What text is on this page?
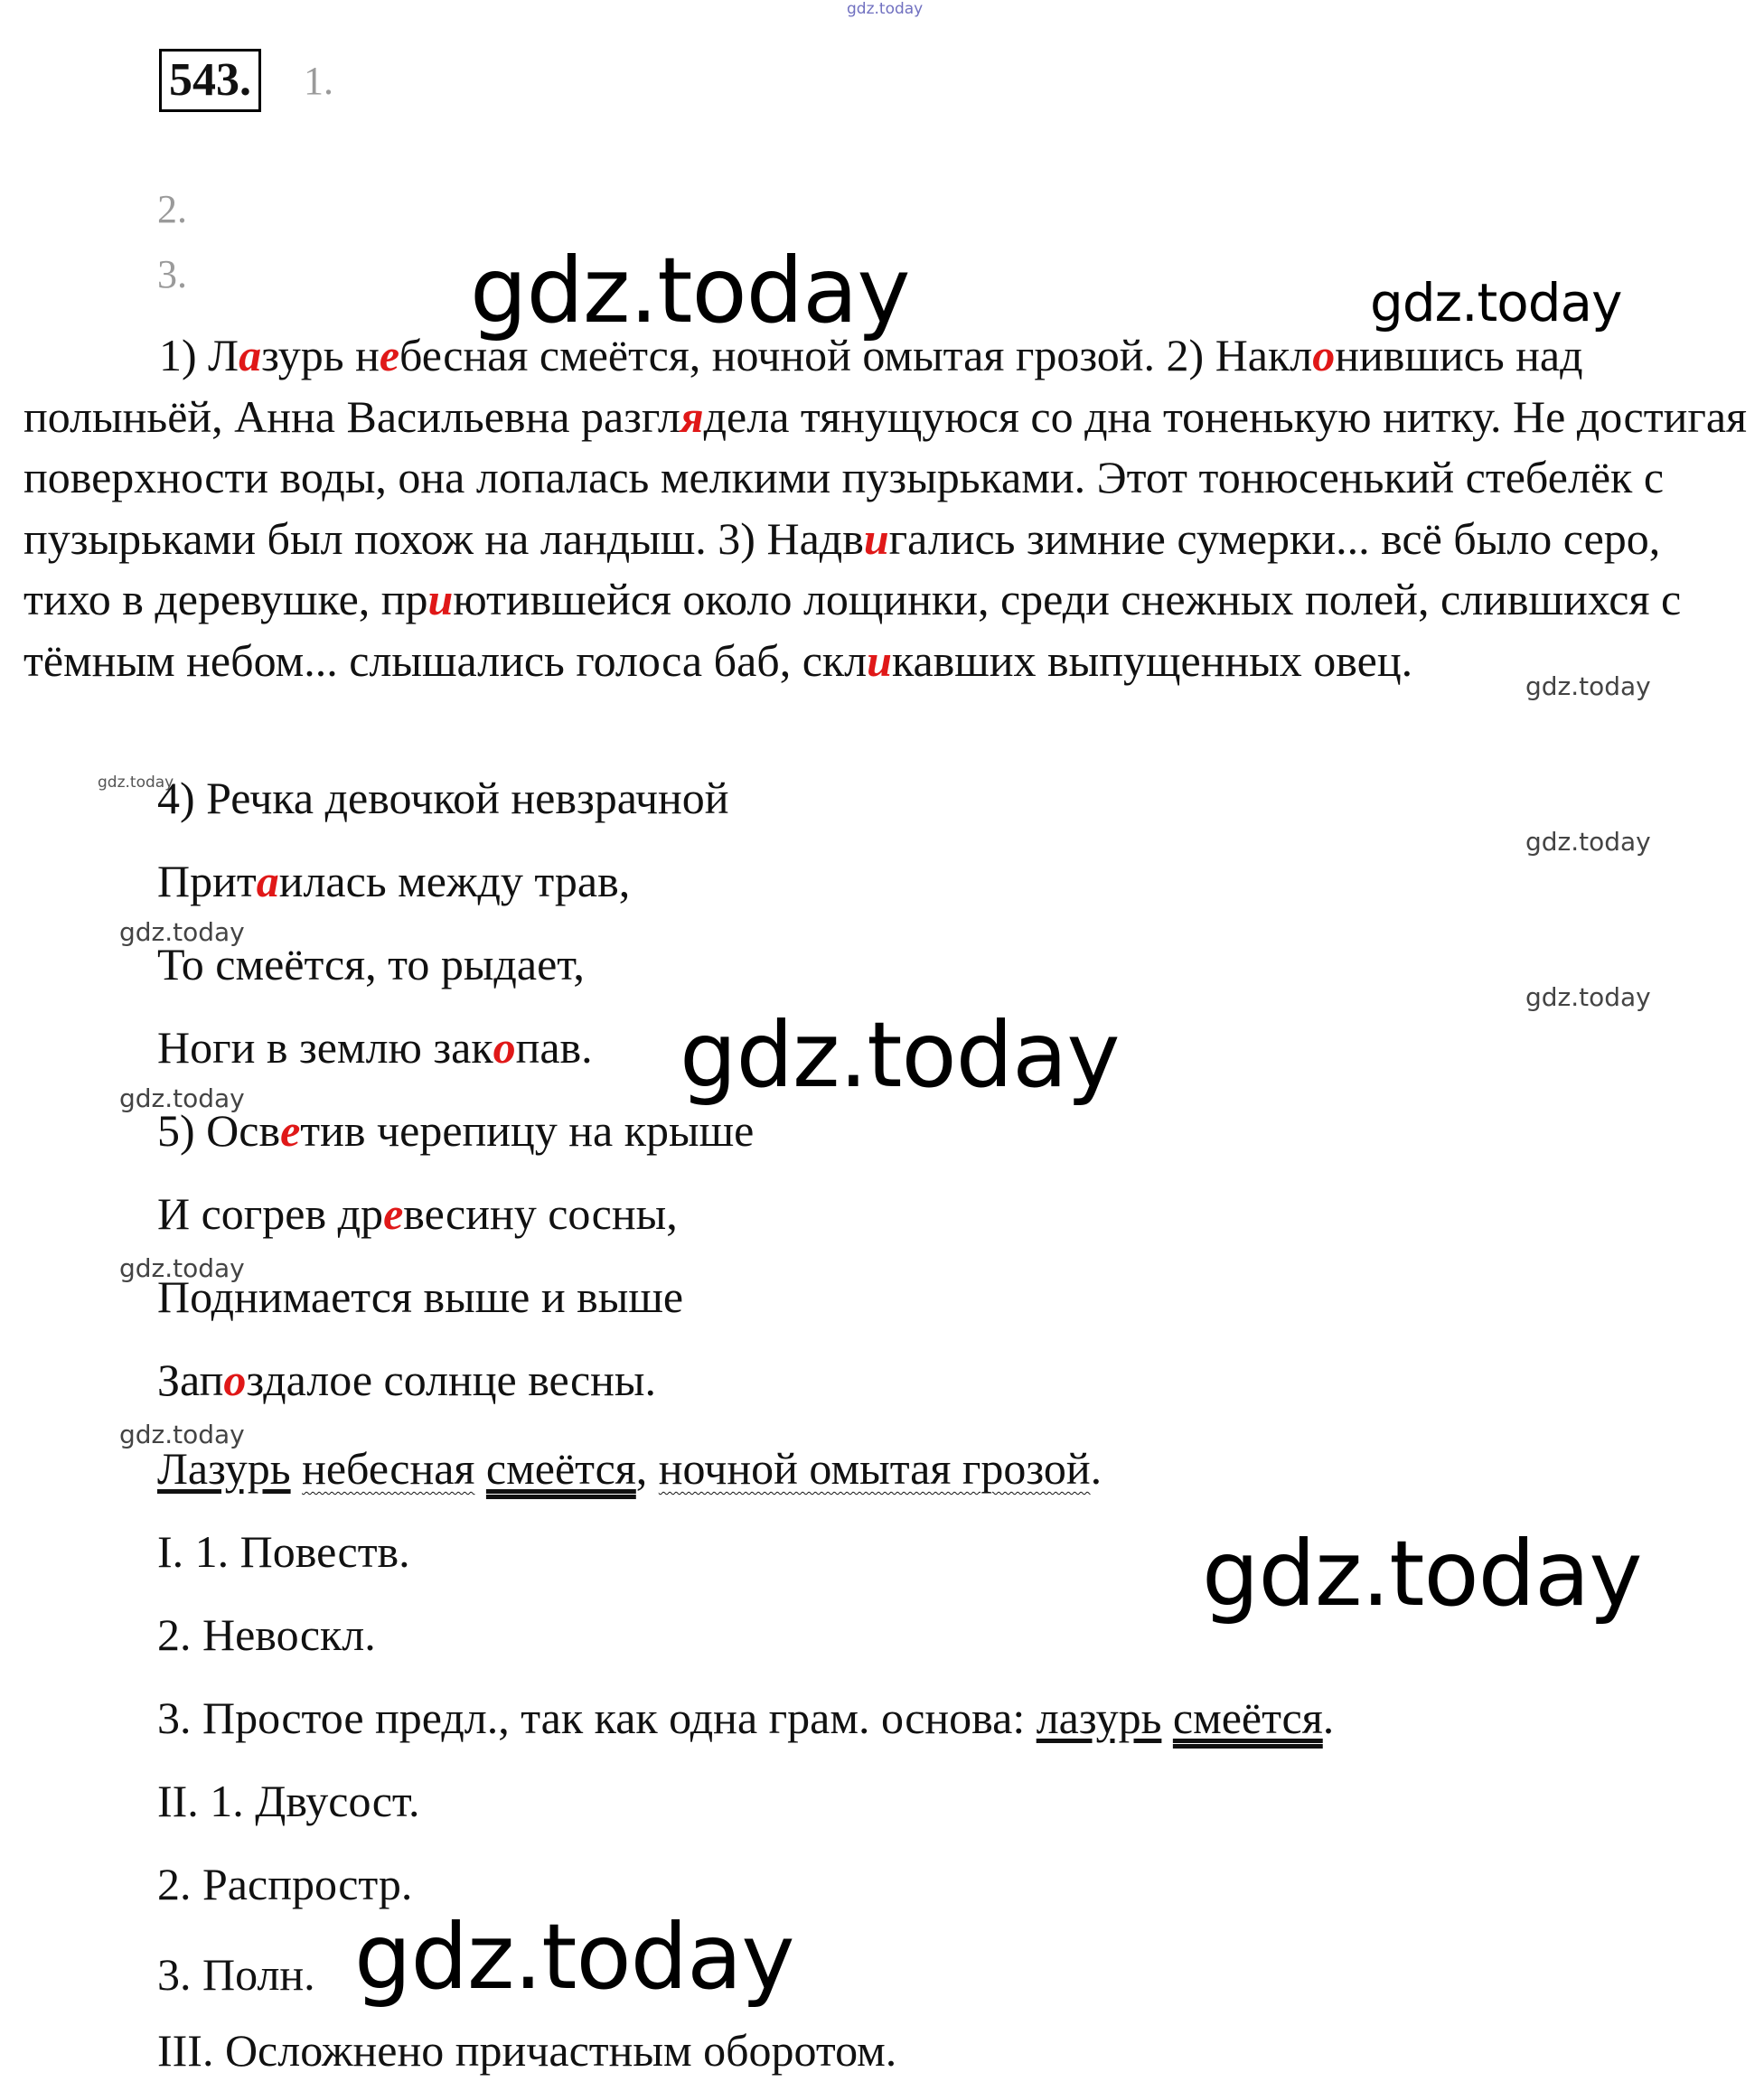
gdz.today
gdz.today	gdz.today
gdz.today
gdz.today
gdz.today
gdz.today
gdz.today
gdz.today
gdz.today
gdz.today
gdz.today
gdz.today
gdz.today
543. 1.
2.
3.
1) Лазурь небесная смеётся, ночной омытая грозой. 2) Наклонившись над полыньёй, Анна Васильевна разглядела тянущуюся со дна тоненькую нитку. Не достигая поверхности воды, она лопалась мелкими пузырьками. Этот тонюсенький стебелёк с пузырьками был похож на ландыш. 3) Надвигались зимние сумерки... всё было серо, тихо в деревушке, приютившейся около лощинки, среди снежных полей, слившихся с тёмным небом... слышались голоса баб, скликавших выпущенных овец.
4) Речка девочкой невзрачной
Притаилась между трав,
То смеётся, то рыдает,
Ноги в землю закопав.
5) Осветив черепицу на крыше
И согрев древесину сосны,
Поднимается выше и выше
Запоздалое солнце весны.
Лазурь небесная смеётся, ночной омытая грозой.
I. 1. Повеств.
2. Невоскл.
3. Простое предл., так как одна грам. основа: лазурь смеётся.
II. 1. Двусост.
2. Распростр.
3. Полн.
III. Осложнено причастным оборотом.
